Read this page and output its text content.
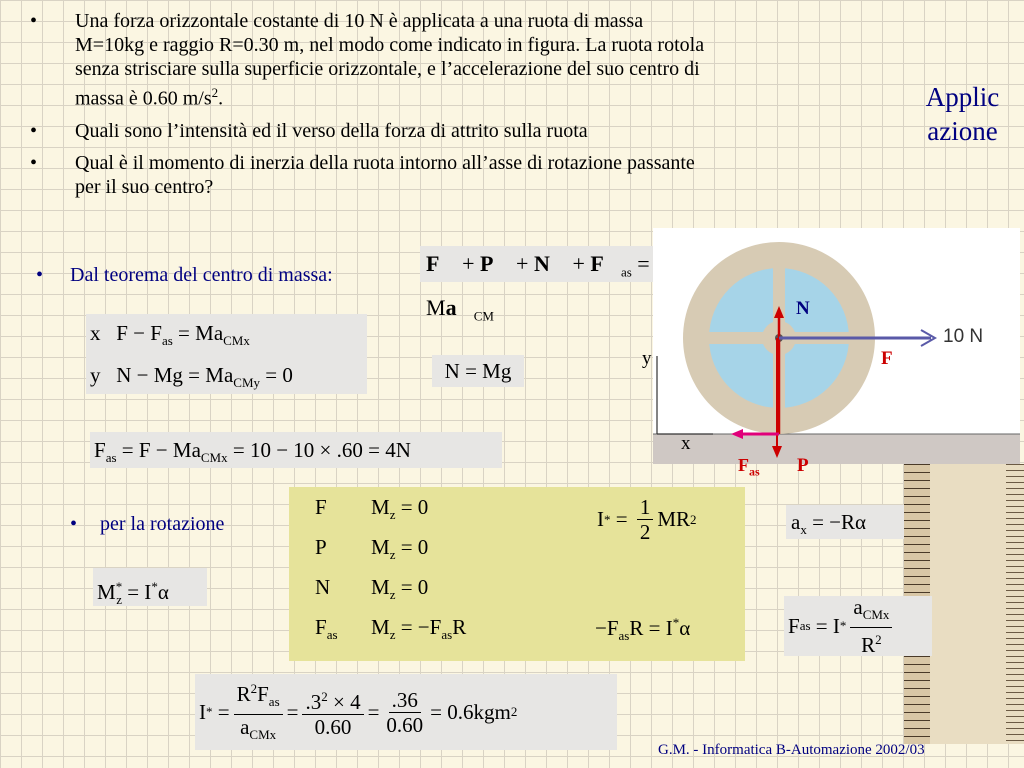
• Una forza orizzontale costante di 10 N è applicata a una ruota di massa
M=10kg e raggio R=0.30 m, nel modo come indicato in figura. La ruota rotola
senza strisciare sulla superficie orizzontale, e l’accelerazione del suo centro di
massa è 0.60 $m/s^2$.
• Quali sono l’intensità ed il verso della forza di attrito sulla ruota
• Qual è il momento di inerzia della ruota intorno all’asse di rotazione passante
per il suo centro?
Applic
azione
• Dal teorema del centro di massa:	F⃗ + P⃗ + N⃗ + $F⃗_{as}$ = $Ma⃗_{CM}$
x   $F - F_{as} = Ma_{CMx}$
y   $N - Mg = Ma_{CMy} = 0$	N = Mg
$F_{as} = F - Ma_{CMx} = 10 - 10 \times .60 = 4N$
10 N
N
F
y
x
$F_{as}$ P
• per la rotazione
$M^*_z = I^*\alpha$
F $M_z = 0$
P $M_z = 0$
N $M_z = 0$
$F_{as}$ $M_z = -F_{as}R$
I * = $\frac{1}{2}$ MR 2
$-F_{as}R = I^*\alpha$
$a_x = -R\alpha$
F as = I * $\frac{a_{CMx}}{R^2}$
I * = $\frac{R^2F_{as}}{a_{CMx}} = \frac{.3^2 \times 4}{0.60} = \frac{.36}{0.60} = 0.6kgm$ 2
G.M. - Informatica B-Automazione 2002/03
